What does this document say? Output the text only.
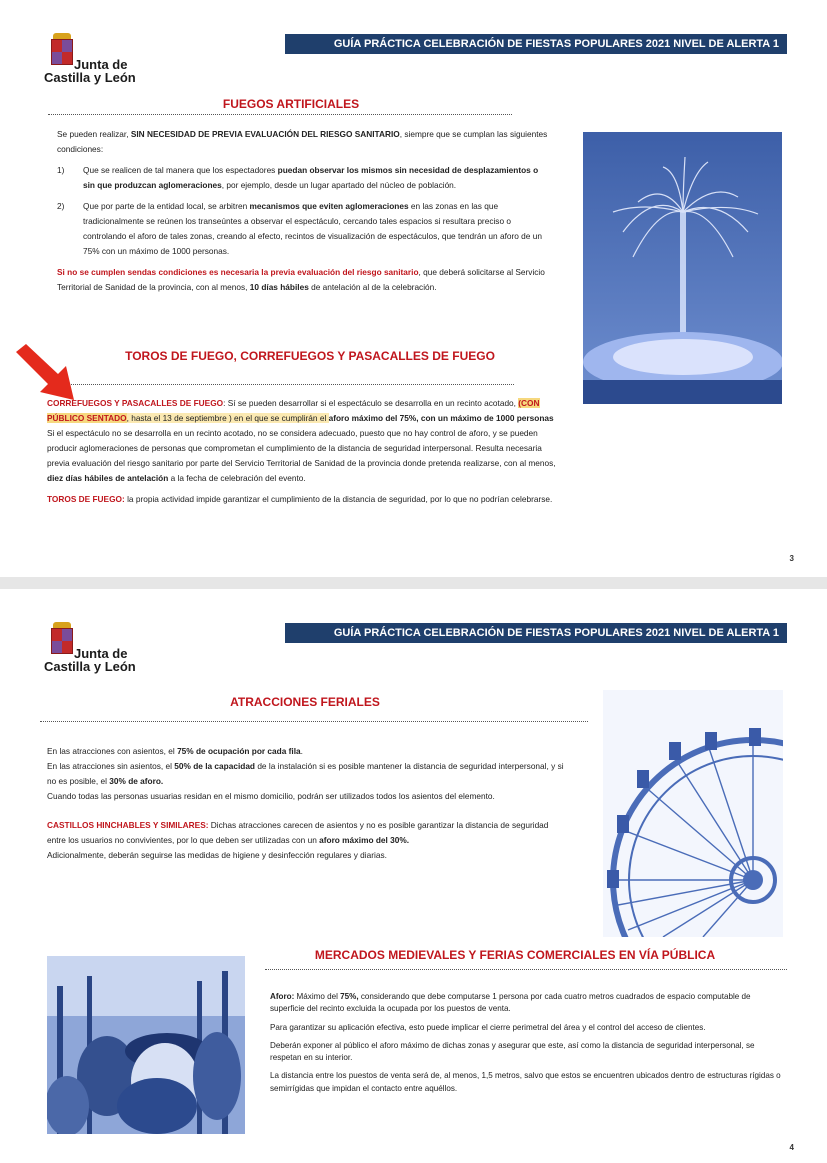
Junta de
Castilla y León
GUÍA PRÁCTICA CELEBRACIÓN DE FIESTAS POPULARES 2021 NIVEL DE ALERTA 1
FUEGOS ARTIFICIALES

Se pueden realizar, SIN NECESIDAD DE PREVIA EVALUACIÓN DEL RIESGO SANITARIO, siempre que se cumplan las siguientes condiciones:

1)	Que se realicen de tal manera que los espectadores puedan observar los mismos sin necesidad de desplazamientos o sin que produzcan aglomeraciones, por ejemplo, desde un lugar apartado del núcleo de población.
2)	Que por parte de la entidad local, se arbitren mecanismos que eviten aglomeraciones en las zonas en las que tradicionalmente se reúnen los transeúntes a observar el espectáculo, cercando tales espacios si resultara preciso o controlando el aforo de tales zonas, creando al efecto, recintos de visualización de espectáculos, que tendrán un aforo de un 75% con un máximo de 1000 personas.

Si no se cumplen sendas condiciones es necesaria la previa evaluación del riesgo sanitario, que deberá solicitarse al Servicio Territorial de Sanidad de la provincia, con al menos, 10 días hábiles de antelación al de la celebración.

TOROS DE FUEGO, CORREFUEGOS Y PASACALLES DE FUEGO

CORREFUEGOS Y PASACALLES DE FUEGO: Sí se pueden desarrollar si el espectáculo se desarrolla en un recinto acotado, (CON PÚBLICO SENTADO, hasta el 13 de septiembre ) en el que se cumplirán el aforo máximo del 75%, con un máximo de 1000 personas Si el espectáculo no se desarrolla en un recinto acotado, no se considera adecuado, puesto que no hay control de aforo, y se pueden producir aglomeraciones de personas que comprometan el cumplimiento de la distancia de seguridad interpersonal. Resulta necesaria previa evaluación del riesgo sanitario por parte del Servicio Territorial de Sanidad de la provincia donde pretenda realizarse, con al menos, diez días hábiles de antelación a la fecha de celebración del evento.

TOROS DE FUEGO: la propia actividad impide garantizar el cumplimiento de la distancia de seguridad, por lo que no podrían celebrarse.

3
Junta de
Castilla y León
GUÍA PRÁCTICA CELEBRACIÓN DE FIESTAS POPULARES 2021 NIVEL DE ALERTA 1
ATRACCIONES FERIALES

En las atracciones con asientos, el 75% de ocupación por cada fila.

En las atracciones sin asientos, el 50% de la capacidad de la instalación si es posible mantener la distancia de seguridad interpersonal, y si no es posible, el 30% de aforo.

Cuando todas las personas usuarias residan en el mismo domicilio, podrán ser utilizados todos los asientos del elemento.

CASTILLOS HINCHABLES Y SIMILARES: Dichas atracciones carecen de asientos y no es posible garantizar la distancia de seguridad entre los usuarios no convivientes, por lo que deben ser utilizadas con un aforo máximo del 30%.

Adicionalmente, deberán seguirse las medidas de higiene y desinfección regulares y diarias.

MERCADOS MEDIEVALES Y FERIAS COMERCIALES EN VÍA PÚBLICA

Aforo: Máximo del 75%, considerando que debe computarse 1 persona por cada cuatro metros cuadrados de espacio computable de superficie del recinto excluida la ocupada por los puestos de venta.

Para garantizar su aplicación efectiva, esto puede implicar el cierre perimetral del área y el control del acceso de clientes.

Deberán exponer al público el aforo máximo de dichas zonas y asegurar que este, así como la distancia de seguridad interpersonal, se respetan en su interior.

La distancia entre los puestos de venta será de, al menos, 1,5 metros, salvo que estos se encuentren ubicados dentro de estructuras rígidas o semirrígidas que impidan el contacto entre aquéllos.

4
